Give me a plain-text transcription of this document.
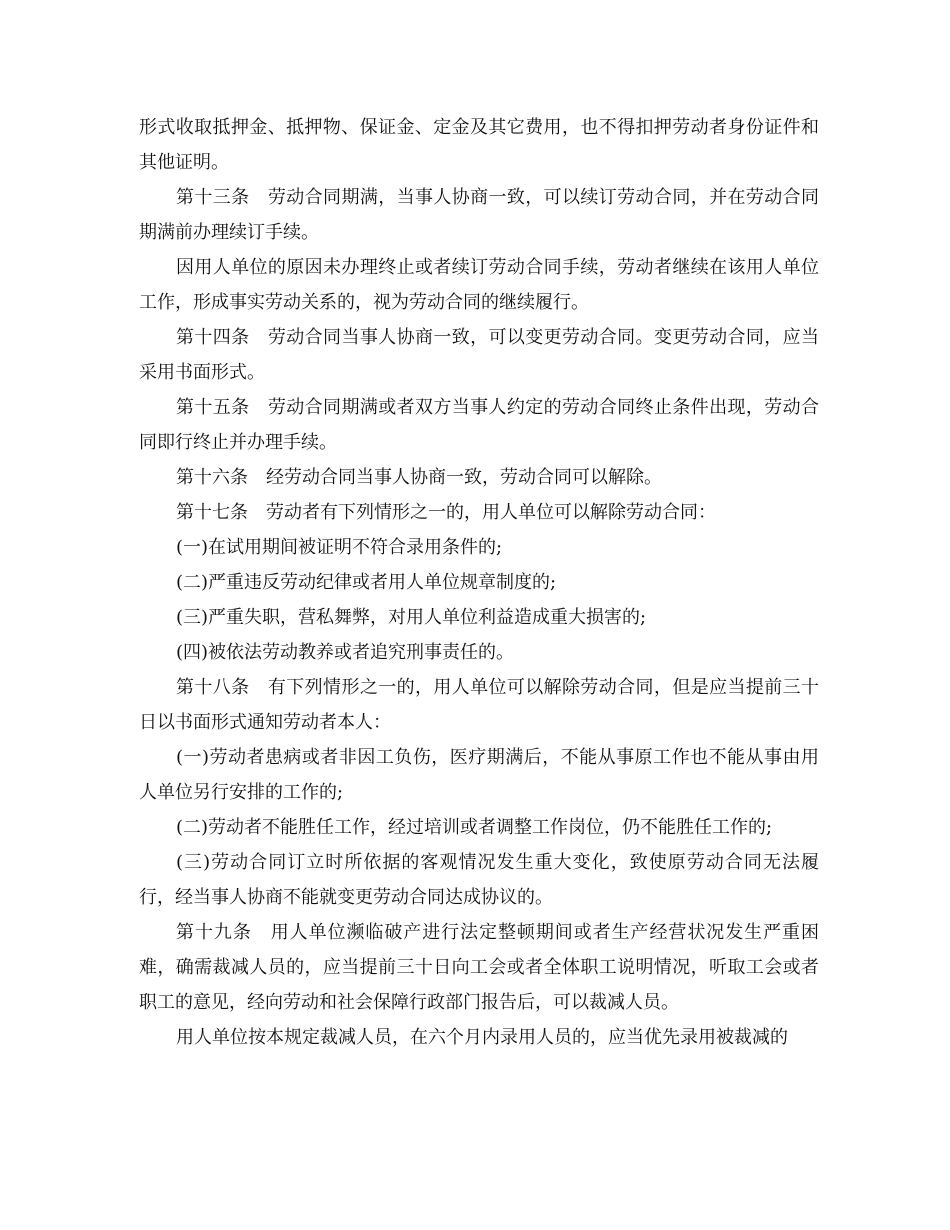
形式收取抵押金、抵押物、保证金、定金及其它费用，也不得扣押劳动者身份证件和其他证明。

第十三条　劳动合同期满，当事人协商一致，可以续订劳动合同，并在劳动合同期满前办理续订手续。

因用人单位的原因未办理终止或者续订劳动合同手续，劳动者继续在该用人单位工作，形成事实劳动关系的，视为劳动合同的继续履行。

第十四条　劳动合同当事人协商一致，可以变更劳动合同。变更劳动合同，应当采用书面形式。

第十五条　劳动合同期满或者双方当事人约定的劳动合同终止条件出现，劳动合同即行终止并办理手续。

第十六条　经劳动合同当事人协商一致，劳动合同可以解除。

第十七条　劳动者有下列情形之一的，用人单位可以解除劳动合同：

(一)在试用期间被证明不符合录用条件的;

(二)严重违反劳动纪律或者用人单位规章制度的;

(三)严重失职，营私舞弊，对用人单位利益造成重大损害的;

(四)被依法劳动教养或者追究刑事责任的。

第十八条　有下列情形之一的，用人单位可以解除劳动合同，但是应当提前三十日以书面形式通知劳动者本人：

(一)劳动者患病或者非因工负伤，医疗期满后，不能从事原工作也不能从事由用人单位另行安排的工作的;

(二)劳动者不能胜任工作，经过培训或者调整工作岗位，仍不能胜任工作的;

(三)劳动合同订立时所依据的客观情况发生重大变化，致使原劳动合同无法履行，经当事人协商不能就变更劳动合同达成协议的。

第十九条　用人单位濒临破产进行法定整顿期间或者生产经营状况发生严重困难，确需裁减人员的，应当提前三十日向工会或者全体职工说明情况，听取工会或者职工的意见，经向劳动和社会保障行政部门报告后，可以裁减人员。

用人单位按本规定裁减人员，在六个月内录用人员的，应当优先录用被裁减的
